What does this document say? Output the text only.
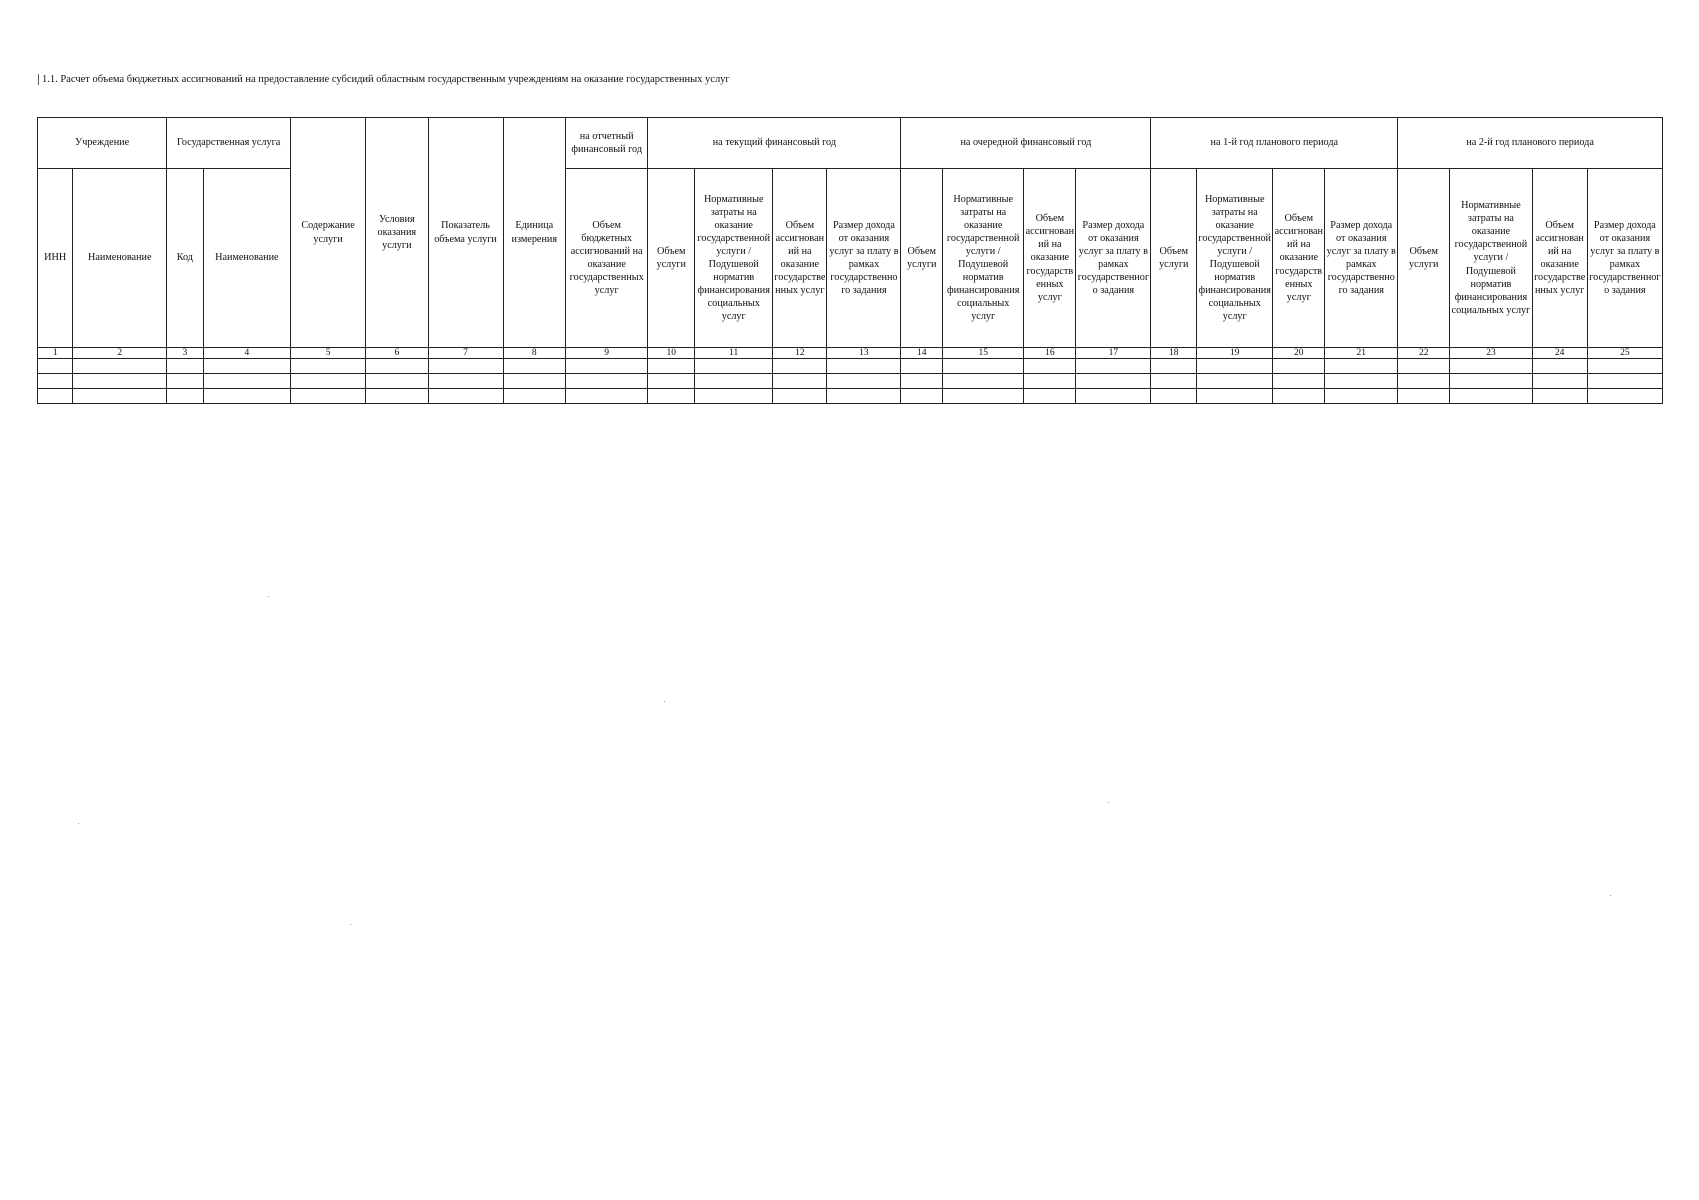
1.1. Расчет объема бюджетных ассигнований на предоставление субсидий областным государственным учреждениям на оказание государственных услуг
Учреждение		Государственная услуга		Содержание услуги	Условия оказания услуги	Показатель объема услуги	Единица измерения	на отчетный финансовый год	на текущий финансовый год				на очередной финансовый год				на 1-й год планового периода				на 2-й год планового периода			
ИНН	Наименование	Код	Наименование					Объем бюджетных ассигнований на оказание государственных услуг	Объем услуги	Нормативные затраты на оказание государственной услуги / Подушевой норматив финансирования социальных услуг	Объем ассигнований на оказание государственных услуг	Размер дохода от оказания услуг за плату в рамках государственного задания	Объем услуги	Нормативные затраты на оказание государственной услуги / Подушевой норматив финансирования социальных услуг	Объем ассигнований на оказание государственных услуг	Размер дохода от оказания услуг за плату в рамках государственного задания	Объем услуги	Нормативные затраты на оказание государственной услуги / Подушевой норматив финансирования социальных услуг	Объем ассигнований на оказание государственных услуг	Размер дохода от оказания услуг за плату в рамках государственного задания	Объем услуги	Нормативные затраты на оказание государственной услуги / Подушевой норматив финансирования социальных услуг	Объем ассигнований на оказание государственных услуг	Размер дохода от оказания услуг за плату в рамках государственного задания
1	2	3	4	5	6	7	8	9	10	11	12	13	14	15	16	17	18	19	20	21	22	23	24	25
